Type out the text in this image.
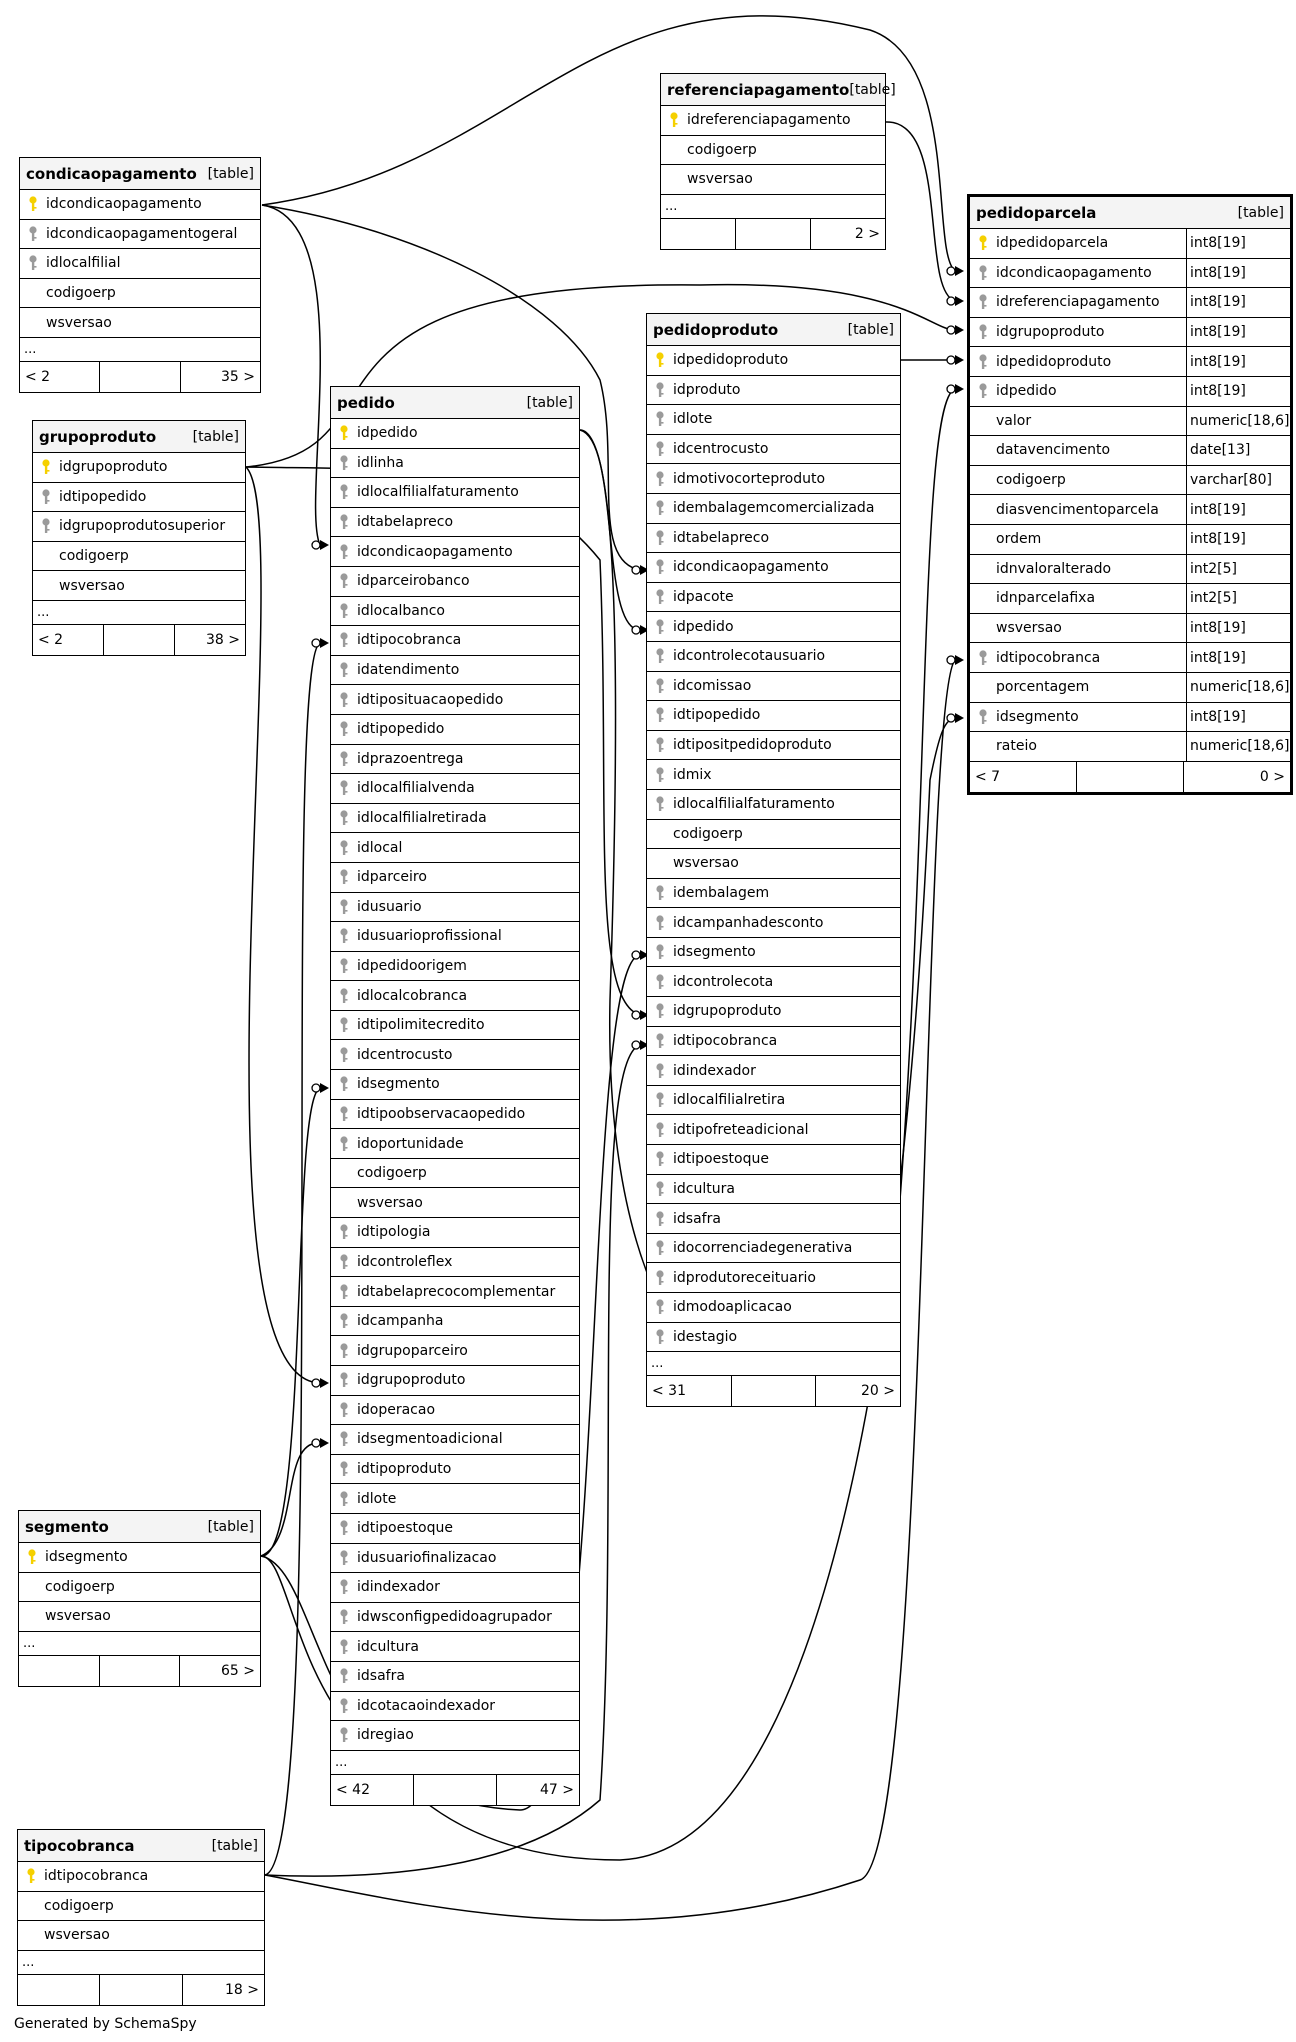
condicaopagamento [table]
idcondicaopagamento
idcondicaopagamentogeral
idlocalfilial
codigoerp
wsversao
...
< 2	35 >
grupoproduto	[table]
idgrupoproduto
idtipopedido
idgrupoprodutosuperior
codigoerp
wsversao
...
< 2	38 >
referenciapagamento [table]
idreferenciapagamento
codigoerp
wsversao
...
2 >
pedidoparcela	[table]
idpedidoparcela	int8[19]
idcondicaopagamento	int8[19]
idreferenciapagamento int8[19]
idgrupoproduto	int8[19]
idpedidoproduto	int8[19]
idpedido	int8[19]
valor	numeric[18,6]
datavencimento	date[13]
codigoerp	varchar[80]
diasvencimentoparcela int8[19]
ordem	int8[19]
idnvaloralterado	int2[5]
idnparcelafixa	int2[5]
wsversao	int8[19]
idtipocobranca	int8[19]
porcentagem	numeric[18,6]
idsegmento	int8[19]
rateio	numeric[18,6]
< 7	0 >
pedidoproduto	[table]
idpedidoproduto
idproduto
idlote
idcentrocusto
idmotivocorteproduto
idembalagemcomercializada
idtabelapreco
idcondicaopagamento
idpacote
idpedido
idcontrolecotausuario
idcomissao
idtipopedido
idtipositpedidoproduto
idmix
idlocalfilialfaturamento
codigoerp
wsversao
idembalagem
idcampanhadesconto
idsegmento
idcontrolecota
idgrupoproduto
idtipocobranca
idindexador
idlocalfilialretira
idtipofreteadicional
idtipoestoque
idcultura
idsafra
idocorrenciadegenerativa
idprodutoreceituario
idmodoaplicacao
idestagio
...
< 31	20 >
pedido	[table]
idpedido
idlinha
idlocalfilialfaturamento
idtabelapreco
idcondicaopagamento
idparceirobanco
idlocalbanco
idtipocobranca
idatendimento
idtiposituacaopedido
idtipopedido
idprazoentrega
idlocalfilialvenda
idlocalfilialretirada
idlocal
idparceiro
idusuario
idusuarioprofissional
idpedidoorigem
idlocalcobranca
idtipolimitecredito
idcentrocusto
idsegmento
idtipoobservacaopedido
idoportunidade
codigoerp
wsversao
idtipologia
idcontroleflex
idtabelaprecocomplementar
idcampanha
idgrupoparceiro
idgrupoproduto
idoperacao
idsegmentoadicional
idtipoproduto
idlote
idtipoestoque
idusuariofinalizacao
idindexador
idwsconfigpedidoagrupador
idcultura
idsafra
idcotacaoindexador
idregiao
...
< 42	47 >
segmento	[table]
idsegmento
codigoerp
wsversao
...
65 >
tipocobranca	[table]
idtipocobranca
codigoerp
wsversao
...
18 >
Generated by SchemaSpy
